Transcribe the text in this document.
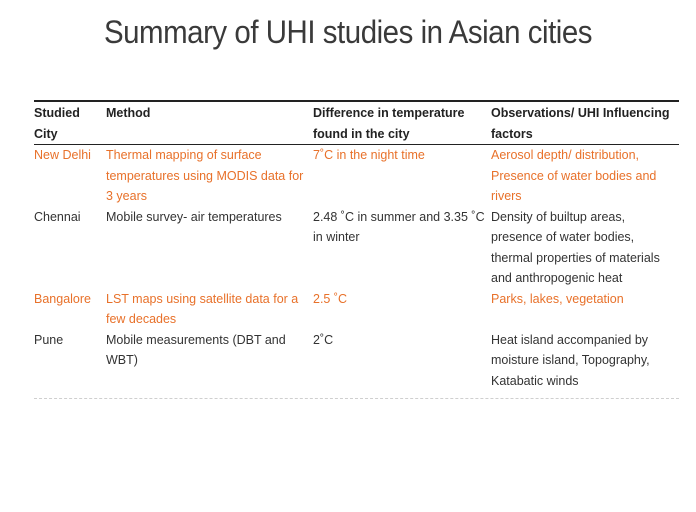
Summary of UHI studies in Asian cities
Studied City	Method	Difference in temperature found in the city	Observations/ UHI Influencing factors
New Delhi	Thermal mapping of surface temperatures using MODIS data for 3 years	7˚C in the night time	Aerosol depth/ distribution, Presence of water bodies and rivers
Chennai	Mobile survey- air temperatures	2.48 ˚C in summer and 3.35 ˚C in winter	Density of builtup areas, presence of water bodies, thermal properties of materials and anthropogenic heat
Bangalore	LST maps using satellite data for a few decades	2.5 ˚C	Parks, lakes, vegetation
Pune	Mobile measurements (DBT and WBT)	2˚C	Heat island accompanied by moisture island, Topography, Katabatic winds
